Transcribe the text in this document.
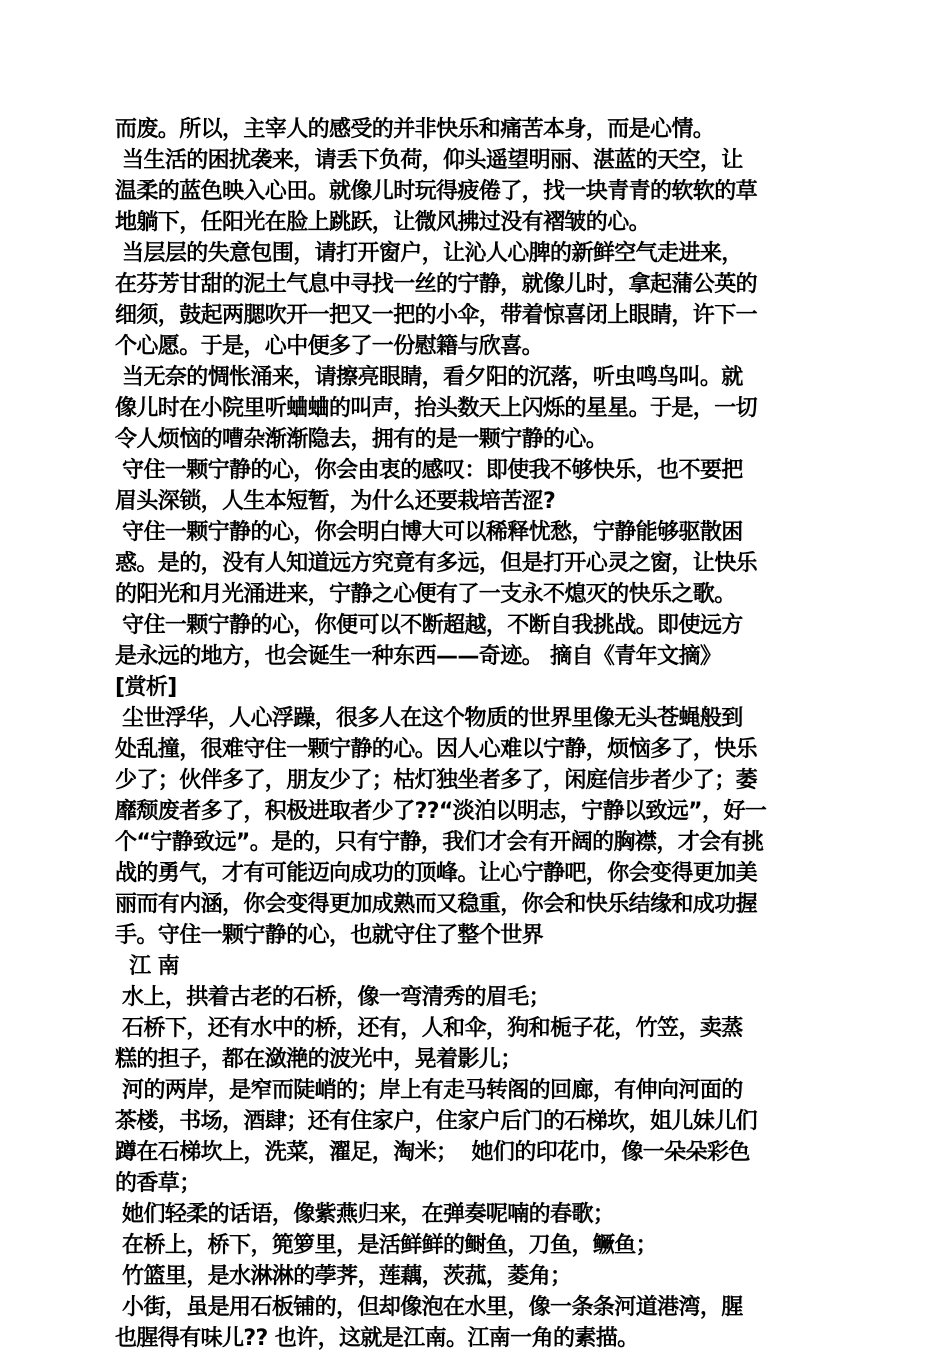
而废。所以，主宰人的感受的并非快乐和痛苦本身，而是心情。
当生活的困扰袭来，请丢下负荷，仰头遥望明丽、湛蓝的天空，让
温柔的蓝色映入心田。就像儿时玩得疲倦了，找一块青青的软软的草
地躺下，任阳光在脸上跳跃，让微风拂过没有褶皱的心。
当层层的失意包围，请打开窗户，让沁人心脾的新鲜空气走进来，
在芬芳甘甜的泥土气息中寻找一丝的宁静，就像儿时，拿起蒲公英的
细须，鼓起两腮吹开一把又一把的小伞，带着惊喜闭上眼睛，许下一
个心愿。于是，心中便多了一份慰籍与欣喜。
当无奈的惆怅涌来，请擦亮眼睛，看夕阳的沉落，听虫鸣鸟叫。就
像儿时在小院里听蛐蛐的叫声，抬头数天上闪烁的星星。于是，一切
令人烦恼的嘈杂渐渐隐去，拥有的是一颗宁静的心。
守住一颗宁静的心，你会由衷的感叹：即使我不够快乐，也不要把
眉头深锁，人生本短暂，为什么还要栽培苦涩?
守住一颗宁静的心，你会明白博大可以稀释忧愁，宁静能够驱散困
惑。是的，没有人知道远方究竟有多远，但是打开心灵之窗，让快乐
的阳光和月光涌进来，宁静之心便有了一支永不熄灭的快乐之歌。
守住一颗宁静的心，你便可以不断超越，不断自我挑战。即使远方
是永远的地方，也会诞生一种东西——奇迹。 摘自《青年文摘》
[赏析]
尘世浮华，人心浮躁，很多人在这个物质的世界里像无头苍蝇般到
处乱撞，很难守住一颗宁静的心。因人心难以宁静，烦恼多了，快乐
少了；伙伴多了，朋友少了；枯灯独坐者多了，闲庭信步者少了；萎
靡颓废者多了，积极进取者少了??“淡泊以明志，宁静以致远”，好一
个“宁静致远”。是的，只有宁静，我们才会有开阔的胸襟，才会有挑
战的勇气，才有可能迈向成功的顶峰。让心宁静吧，你会变得更加美
丽而有内涵，你会变得更加成熟而又稳重，你会和快乐结缘和成功握
手。守住一颗宁静的心，也就守住了整个世界
江 南
水上，拱着古老的石桥，像一弯清秀的眉毛；
石桥下，还有水中的桥，还有，人和伞，狗和栀子花，竹笠，卖蒸
糕的担子，都在潋滟的波光中，晃着影儿；
河的两岸，是窄而陡峭的；岸上有走马转阁的回廊，有伸向河面的
茶楼，书场，酒肆；还有住家户，住家户后门的石梯坎，姐儿妹儿们
蹲在石梯坎上，洗菜，濯足，淘米；  她们的印花巾，像一朵朵彩色
的香草；
她们轻柔的话语，像紫燕归来，在弹奏呢喃的春歌；
在桥上，桥下，篼箩里，是活鲜鲜的鲥鱼，刀鱼，鳜鱼；
竹篮里，是水淋淋的荸荠，莲藕，茨菰，菱角；
小街，虽是用石板铺的，但却像泡在水里，像一条条河道港湾，腥
也腥得有味儿?? 也许，这就是江南。江南一角的素描。
